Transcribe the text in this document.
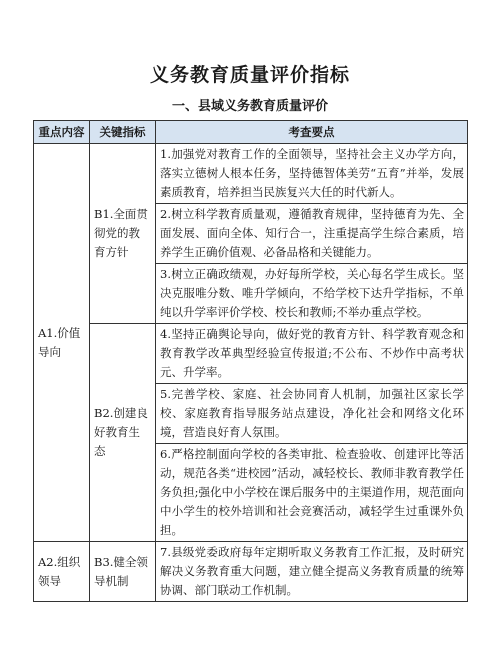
义务教育质量评价指标
一、县域义务教育质量评价
重点内容	关键指标	考查要点

A1.价值导向	B1.全面贯彻党的教育方针	1.加强党对教育工作的全面领导，坚持社会主义办学方向，落实立德树人根本任务，坚持德智体美劳“五育”并举，发展素质教育，培养担当民族复兴大任的时代新人。
2.树立科学教育质量观，遵循教育规律，坚持德育为先、全面发展、面向全体、知行合一，注重提高学生综合素质，培养学生正确价值观、必备品格和关键能力。
3.树立正确政绩观，办好每所学校，关心每名学生成长。坚决克服唯分数、唯升学倾向，不给学校下达升学指标，不单纯以升学率评价学校、校长和教师;不举办重点学校。

	B2.创建良好教育生态	4.坚持正确舆论导向，做好党的教育方针、科学教育观念和教育教学改革典型经验宣传报道;不公布、不炒作中高考状元、升学率。
5.完善学校、家庭、社会协同育人机制，加强社区家长学校、家庭教育指导服务站点建设，净化社会和网络文化环境，营造良好育人氛围。
6.严格控制面向学校的各类审批、检查验收、创建评比等活动，规范各类“进校园”活动，减轻校长、教师非教育教学任务负担;强化中小学校在课后服务中的主渠道作用，规范面向中小学生的校外培训和社会竞赛活动，减轻学生过重课外负担。

A2.组织领导	B3.健全领导机制	7.县级党委政府每年定期听取义务教育工作汇报，及时研究解决义务教育重大问题，建立健全提高义务教育质量的统筹协调、部门联动工作机制。
